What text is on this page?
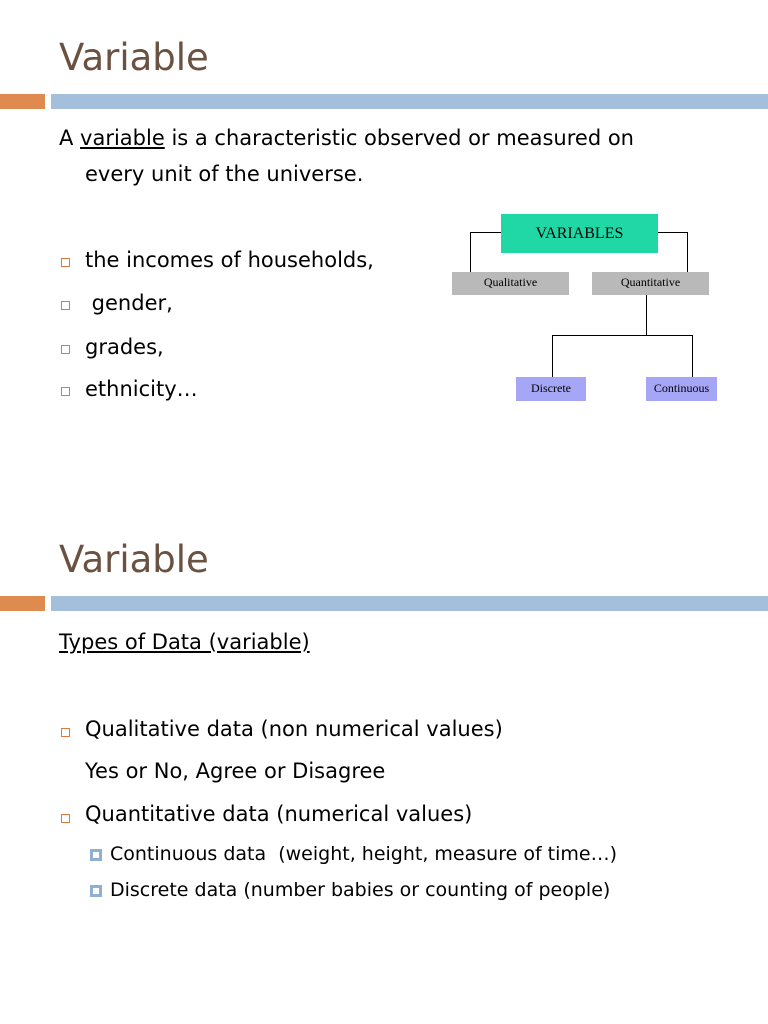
Variable
A variable is a characteristic observed or measured on
every unit of the universe.
the incomes of households,
gender,
grades,
ethnicity…
VARIABLES
Qualitative	Quantitative
Discrete	Continuous
Variable
Types of Data (variable)
Qualitative data (non numerical values)
Yes or No, Agree or Disagree
Quantitative data (numerical values)
Continuous data  (weight, height, measure of time…)
Discrete data (number babies or counting of people)
